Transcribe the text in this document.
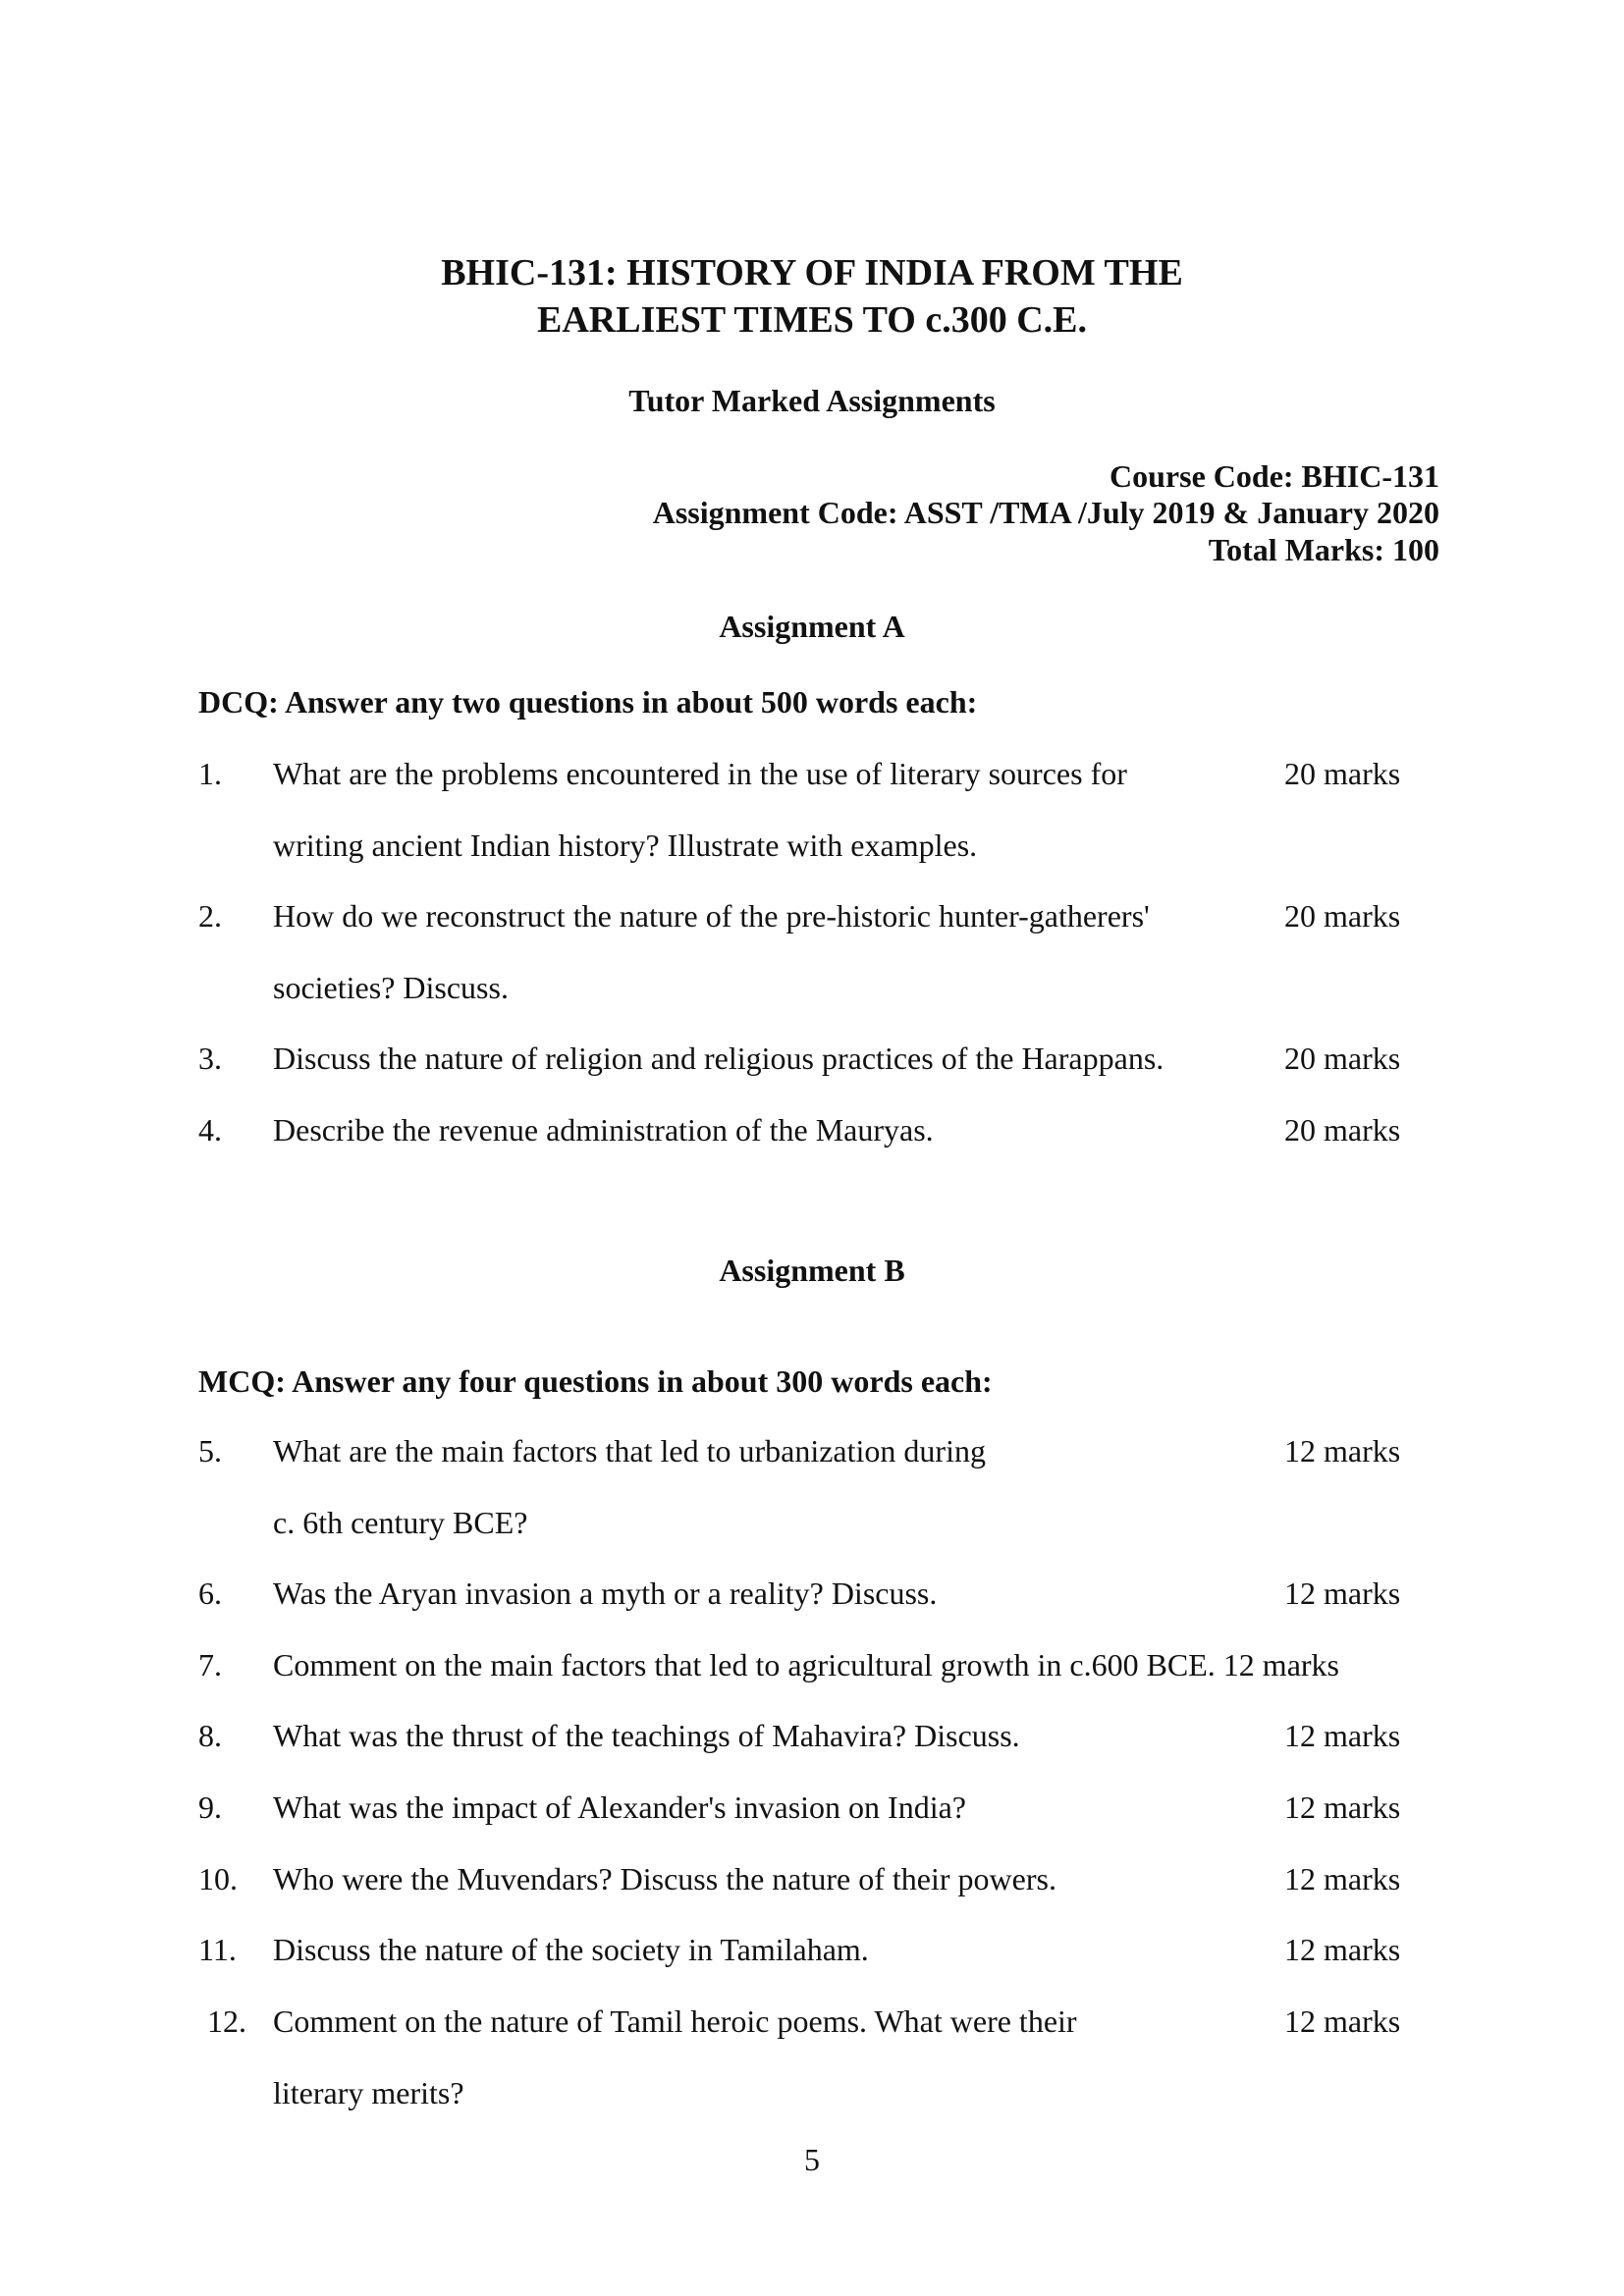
BHIC-131: HISTORY OF INDIA FROM THE
EARLIEST TIMES TO c.300 C.E.
Tutor Marked Assignments
Course Code: BHIC-131
Assignment Code: ASST /TMA /July 2019 & January 2020
Total Marks: 100
Assignment A
DCQ: Answer any two questions in about 500 words each:
1. What are the problems encountered in the use of literary sources for	20 marks
writing ancient Indian history? Illustrate with examples.
2. How do we reconstruct the nature of the pre-historic hunter-gatherers'	20 marks
societies? Discuss.
3. Discuss the nature of religion and religious practices of the Harappans.	20 marks
4. Describe the revenue administration of the Mauryas.	20 marks
Assignment B
MCQ: Answer any four questions in about 300 words each:
5. What are the main factors that led to urbanization during	12 marks
c. 6th century BCE?
6. Was the Aryan invasion a myth or a reality? Discuss.	12 marks
7. Comment on the main factors that led to agricultural growth in c.600 BCE. 12 marks
8. What was the thrust of the teachings of Mahavira? Discuss.	12 marks
9. What was the impact of Alexander's invasion on India?	12 marks
10. Who were the Muvendars? Discuss the nature of their powers.	12 marks
11. Discuss the nature of the society in Tamilaham.	12 marks
12. Comment on the nature of Tamil heroic poems. What were their	12 marks
literary merits?
5
